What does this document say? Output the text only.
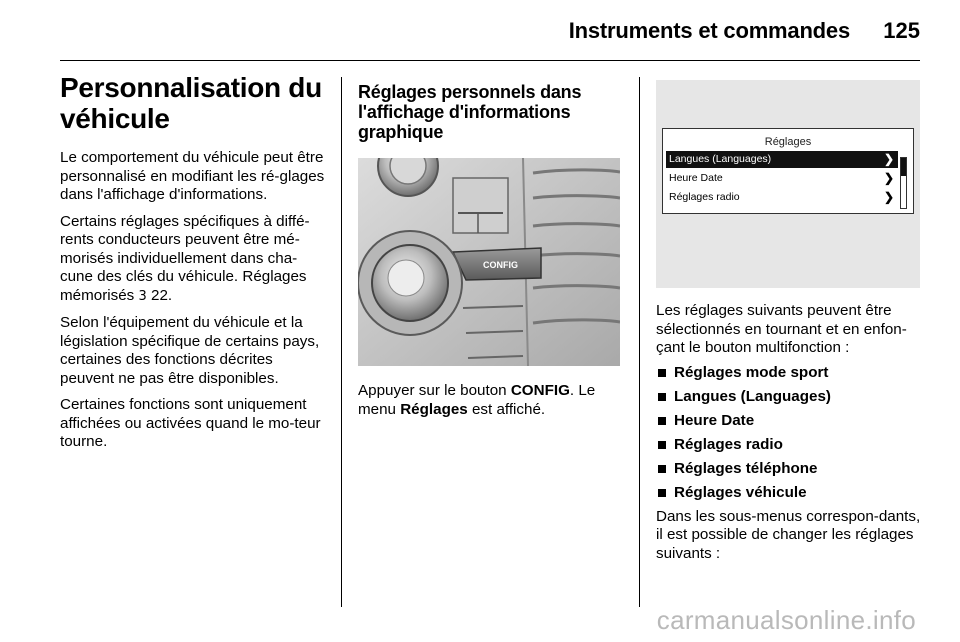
Instruments et commandes 125
Personnalisation du
véhicule

Le comportement du véhicule peut être personnalisé en modifiant les ré‐glages dans l'affichage d'informations.

Certains réglages spécifiques à diffé‐rents conducteurs peuvent être mé‐morisés individuellement dans cha‐cune des clés du véhicule. Réglages mémorisés 3 22.

Selon l'équipement du véhicule et la législation spécifique de certains pays, certaines des fonctions décrites peuvent ne pas être disponibles.

Certaines fonctions sont uniquement affichées ou activées quand le mo‐teur tourne.

Réglages personnels dans
l'affichage d'informations
graphique
CONFIG

Appuyer sur le bouton CONFIG. Le menu Réglages est affiché.

Réglages
Langues (Languages)	❯
Heure Date	❯
Réglages radio	❯

Les réglages suivants peuvent être sélectionnés en tournant et en enfon‐çant le bouton multifonction :

Réglages mode sport
Langues (Languages)
Heure Date
Réglages radio
Réglages téléphone
Réglages véhicule

Dans les sous-menus correspon‐dants, il est possible de changer les réglages suivants :

carmanualsonline.info
